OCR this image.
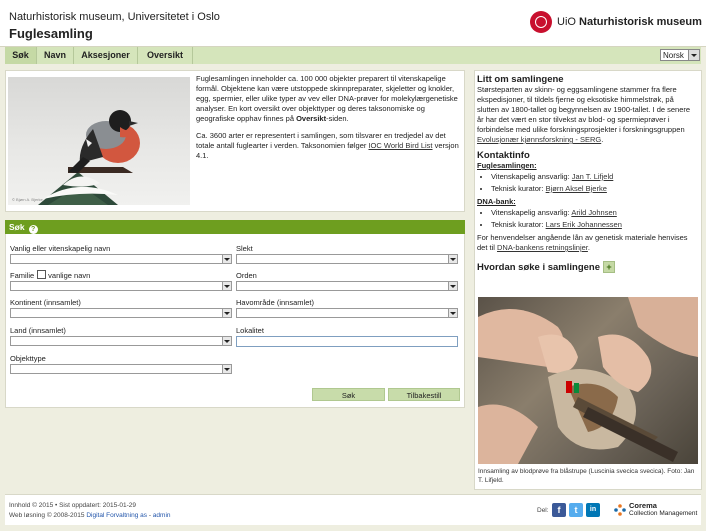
Naturhistorisk museum, Universitetet i Oslo
Fuglesamling
UiO Naturhistorisk museum
Søk	Navn	Aksesjoner	Oversikt	Norsk
© Bjørn A. Bjerke

Fuglesamlingen inneholder ca. 100 000 objekter preparert til vitenskapelige formål. Objektene kan være utstoppede skinnpreparater, skjeletter og knokler, egg, spermier, eller ulike typer av vev eller DNA-prøver for molekylærgenetiske analyser. En kort oversikt over objekttyper og deres taksonomiske og geografiske opphav finnes på Oversikt-siden.

Ca. 3600 arter er representert i samlingen, som tilsvarer en tredjedel av det totale antall fuglearter i verden. Taksonomien følger IOC World Bird List versjon 4.1.

Søk ?
Vanlig eller vitenskapelig navn	Slekt
Familie vanlige navn	Orden
Kontinent (innsamlet)	Havområde (innsamlet)
Land (innsamlet)	Lokalitet
Objekttype
Søk	Tilbakestill
Litt om samlingene

Størsteparten av skinn- og eggsamlingene stammer fra flere ekspedisjoner, til tildels fjerne og eksotiske himmelstrøk, på slutten av 1800-tallet og begynnelsen av 1900-tallet. I de senere år har det vært en stor tilvekst av blod- og spermieprøver i forbindelse med ulike forskningsprosjekter i forskningsgruppen Evolusjonær kjønnsforskning - SERG.

Kontaktinfo
Fuglesamlingen:
• Vitenskapelig ansvarlig: Jan T. Lifjeld
• Teknisk kurator: Bjørn Aksel Bjerke
DNA-bank:
• Vitenskapelig ansvarlig: Arild Johnsen
• Teknisk kurator: Lars Erik Johannessen

For henvendelser angående lån av genetisk materiale henvises det til DNA-bankens retningslinjer.

Hvordan søke i samlingene +
Innsamling av blodprøve fra blåstrupe (Luscinia svecica svecica). Foto: Jan T. Lifjeld.
Innhold © 2015 • Sist oppdatert: 2015-01-29
Web løsning © 2008-2015 Digital Forvaltning as - admin
Del: f	t	in	Corema
Collection Management
